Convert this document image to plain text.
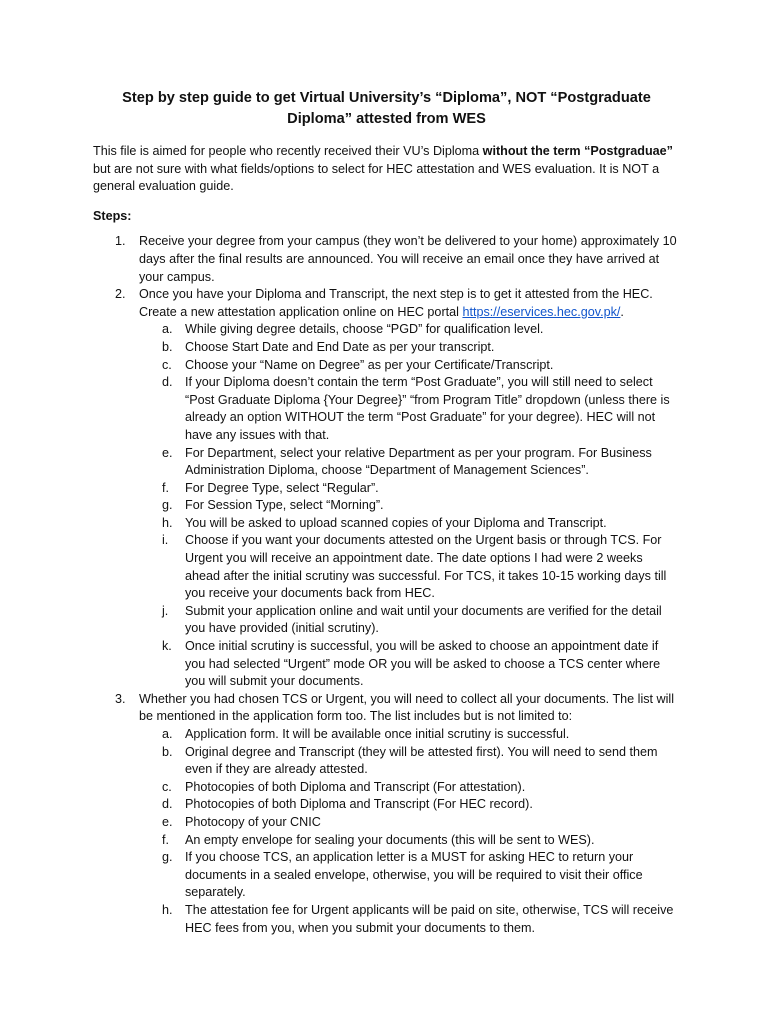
Step by step guide to get Virtual University’s “Diploma”, NOT “Postgraduate
Diploma” attested from WES

This file is aimed for people who recently received their VU’s Diploma without the term “Postgraduae” but are not sure with what fields/options to select for HEC attestation and WES evaluation. It is NOT a general evaluation guide.

Steps:
1. Receive your degree from your campus (they won’t be delivered to your home) approximately 10 days after the final results are announced. You will receive an email once they have arrived at your campus.
2. Once you have your Diploma and Transcript, the next step is to get it attested from the HEC. Create a new attestation application online on HEC portal https://eservices.hec.gov.pk/.
a. While giving degree details, choose “PGD” for qualification level.
b. Choose Start Date and End Date as per your transcript.
c. Choose your “Name on Degree” as per your Certificate/Transcript.
d. If your Diploma doesn’t contain the term “Post Graduate”, you will still need to select “Post Graduate Diploma {Your Degree}” “from Program Title” dropdown (unless there is already an option WITHOUT the term “Post Graduate” for your degree). HEC will not have any issues with that.
e. For Department, select your relative Department as per your program. For Business Administration Diploma, choose “Department of Management Sciences”.
f. For Degree Type, select “Regular”.
g. For Session Type, select “Morning”.
h. You will be asked to upload scanned copies of your Diploma and Transcript.
i. Choose if you want your documents attested on the Urgent basis or through TCS. For Urgent you will receive an appointment date. The date options I had were 2 weeks ahead after the initial scrutiny was successful. For TCS, it takes 10-15 working days till you receive your documents back from HEC.
j. Submit your application online and wait until your documents are verified for the detail you have provided (initial scrutiny).
k. Once initial scrutiny is successful, you will be asked to choose an appointment date if you had selected “Urgent” mode OR you will be asked to choose a TCS center where you will submit your documents.
3. Whether you had chosen TCS or Urgent, you will need to collect all your documents. The list will be mentioned in the application form too. The list includes but is not limited to:
a. Application form. It will be available once initial scrutiny is successful.
b. Original degree and Transcript (they will be attested first). You will need to send them even if they are already attested.
c. Photocopies of both Diploma and Transcript (For attestation).
d. Photocopies of both Diploma and Transcript (For HEC record).
e. Photocopy of your CNIC
f. An empty envelope for sealing your documents (this will be sent to WES).
g. If you choose TCS, an application letter is a MUST for asking HEC to return your documents in a sealed envelope, otherwise, you will be required to visit their office separately.
h. The attestation fee for Urgent applicants will be paid on site, otherwise, TCS will receive HEC fees from you, when you submit your documents to them.
